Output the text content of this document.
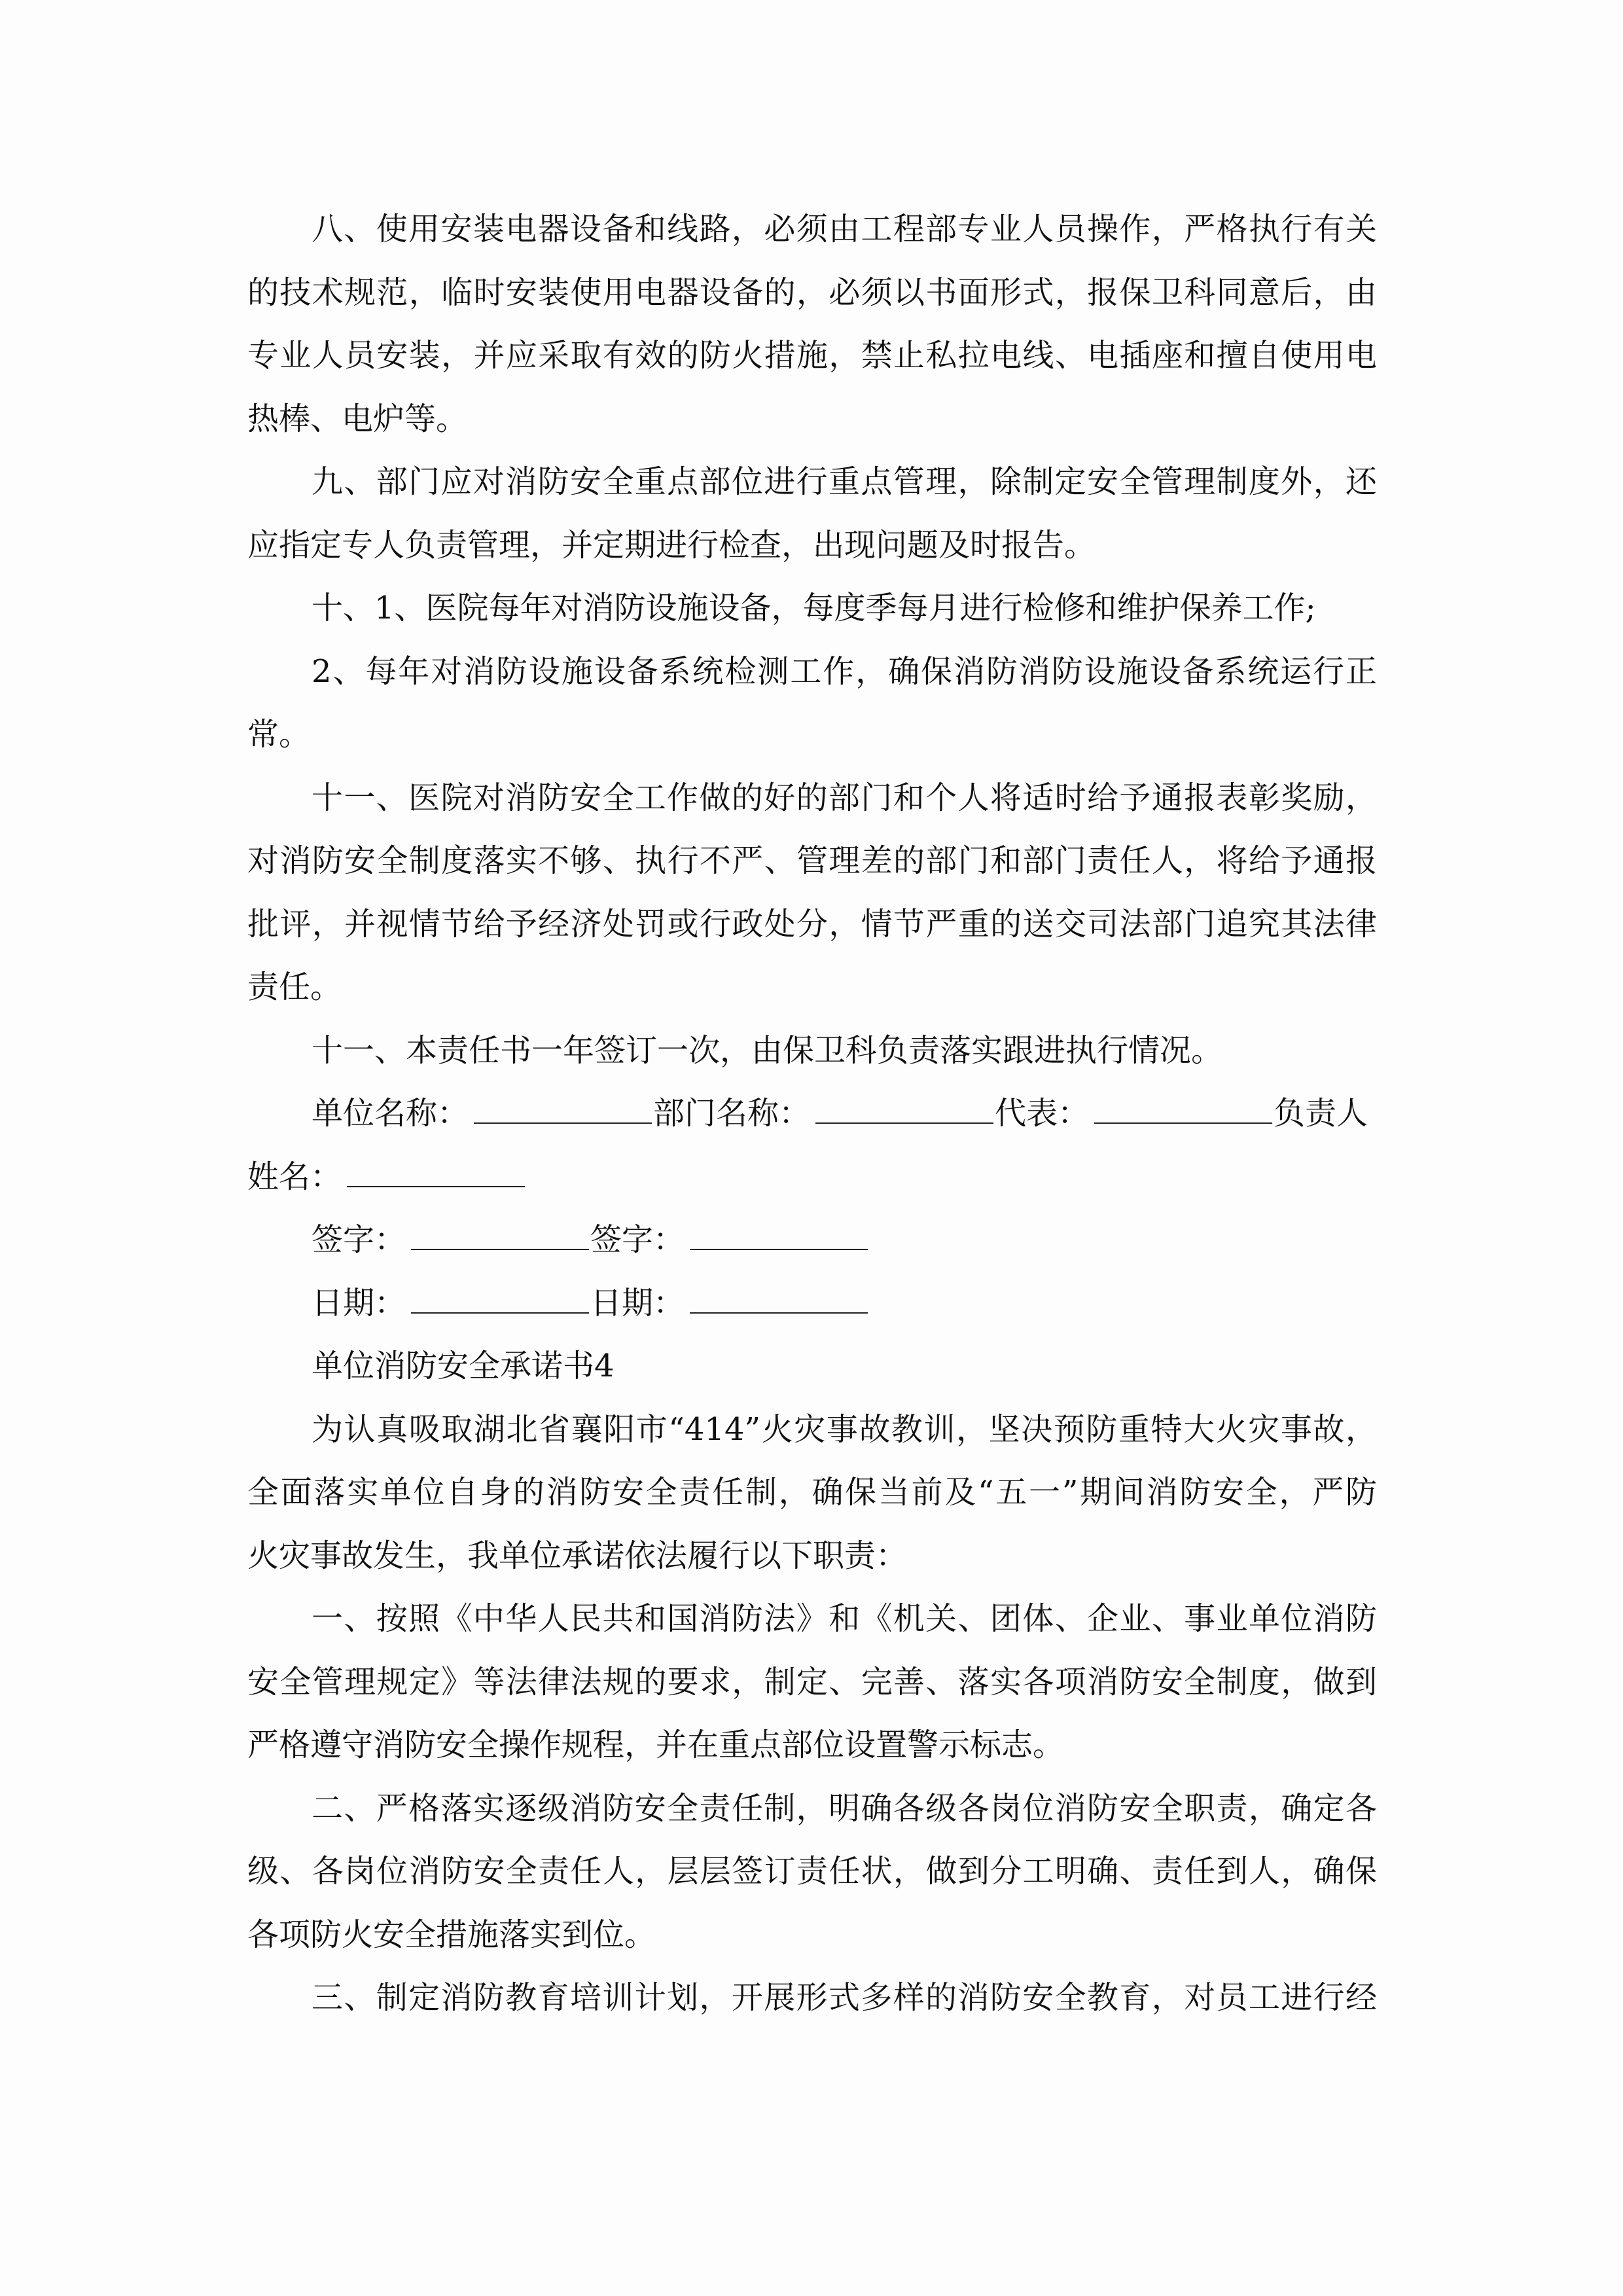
八、使用安装电器设备和线路，必须由工程部专业人员操作，严格执行有关
的技术规范，临时安装使用电器设备的，必须以书面形式，报保卫科同意后，由
专业人员安装，并应采取有效的防火措施，禁止私拉电线、电插座和擅自使用电
热棒、电炉等。
九、部门应对消防安全重点部位进行重点管理，除制定安全管理制度外，还
应指定专人负责管理，并定期进行检查，出现问题及时报告。
十、1、医院每年对消防设施设备，每度季每月进行检修和维护保养工作;
2、每年对消防设施设备系统检测工作，确保消防消防设施设备系统运行正
常。
十一、医院对消防安全工作做的好的部门和个人将适时给予通报表彰奖励，
对消防安全制度落实不够、执行不严、管理差的部门和部门责任人，将给予通报
批评，并视情节给予经济处罚或行政处分，情节严重的送交司法部门追究其法律
责任。
十一、本责任书一年签订一次，由保卫科负责落实跟进执行情况。
单位名称：	部门名称：	代表：	负责人
姓名：
签字：	签字：
日期：	日期：
单位消防安全承诺书4
为认真吸取湖北省襄阳市“414”火灾事故教训，坚决预防重特大火灾事故，
全面落实单位自身的消防安全责任制，确保当前及“五一”期间消防安全，严防
火灾事故发生，我单位承诺依法履行以下职责：
一、按照《中华人民共和国消防法》和《机关、团体、企业、事业单位消防
安全管理规定》等法律法规的要求，制定、完善、落实各项消防安全制度，做到
严格遵守消防安全操作规程，并在重点部位设置警示标志。
二、严格落实逐级消防安全责任制，明确各级各岗位消防安全职责，确定各
级、各岗位消防安全责任人，层层签订责任状，做到分工明确、责任到人，确保
各项防火安全措施落实到位。
三、制定消防教育培训计划，开展形式多样的消防安全教育，对员工进行经
